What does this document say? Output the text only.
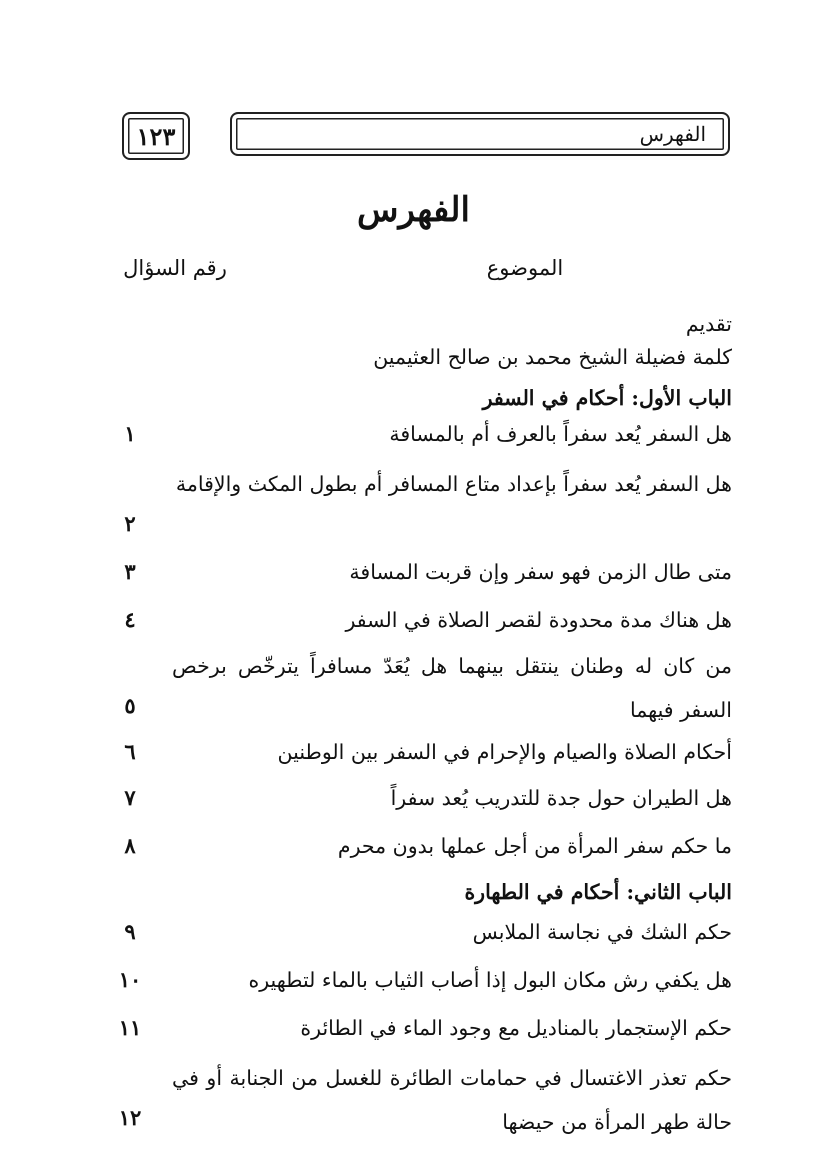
١٢٣	الفهرس
الفهرس
الموضوع
رقم السؤال
تقديم
كلمة فضيلة الشيخ محمد بن صالح العثيمين
الباب الأول: أحكام في السفر
هل السفر يُعد سفراً بالعرف أم بالمسافة
١
هل السفر يُعد سفراً بإعداد متاع المسافر أم بطول المكث والإقامة
٢
متى طال الزمن فهو سفر وإن قربت المسافة
٣
هل هناك مدة محدودة لقصر الصلاة في السفر
٤
من كان له وطنان ينتقل بينهما هل يُعَدّ مسافراً يترخّص برخص السفر فيهما
٥
أحكام الصلاة والصيام والإحرام في السفر بين الوطنين
٦
هل الطيران حول جدة للتدريب يُعد سفراً
٧
ما حكم سفر المرأة من أجل عملها بدون محرم
٨
الباب الثاني: أحكام في الطهارة
حكم الشك في نجاسة الملابس
٩
هل يكفي رش مكان البول إذا أصاب الثياب بالماء لتطهيره
١٠
حكم الإستجمار بالمناديل مع وجود الماء في الطائرة
١١
حكم تعذر الاغتسال في حمامات الطائرة للغسل من الجنابة أو في حالة طهر المرأة من حيضها
١٢
